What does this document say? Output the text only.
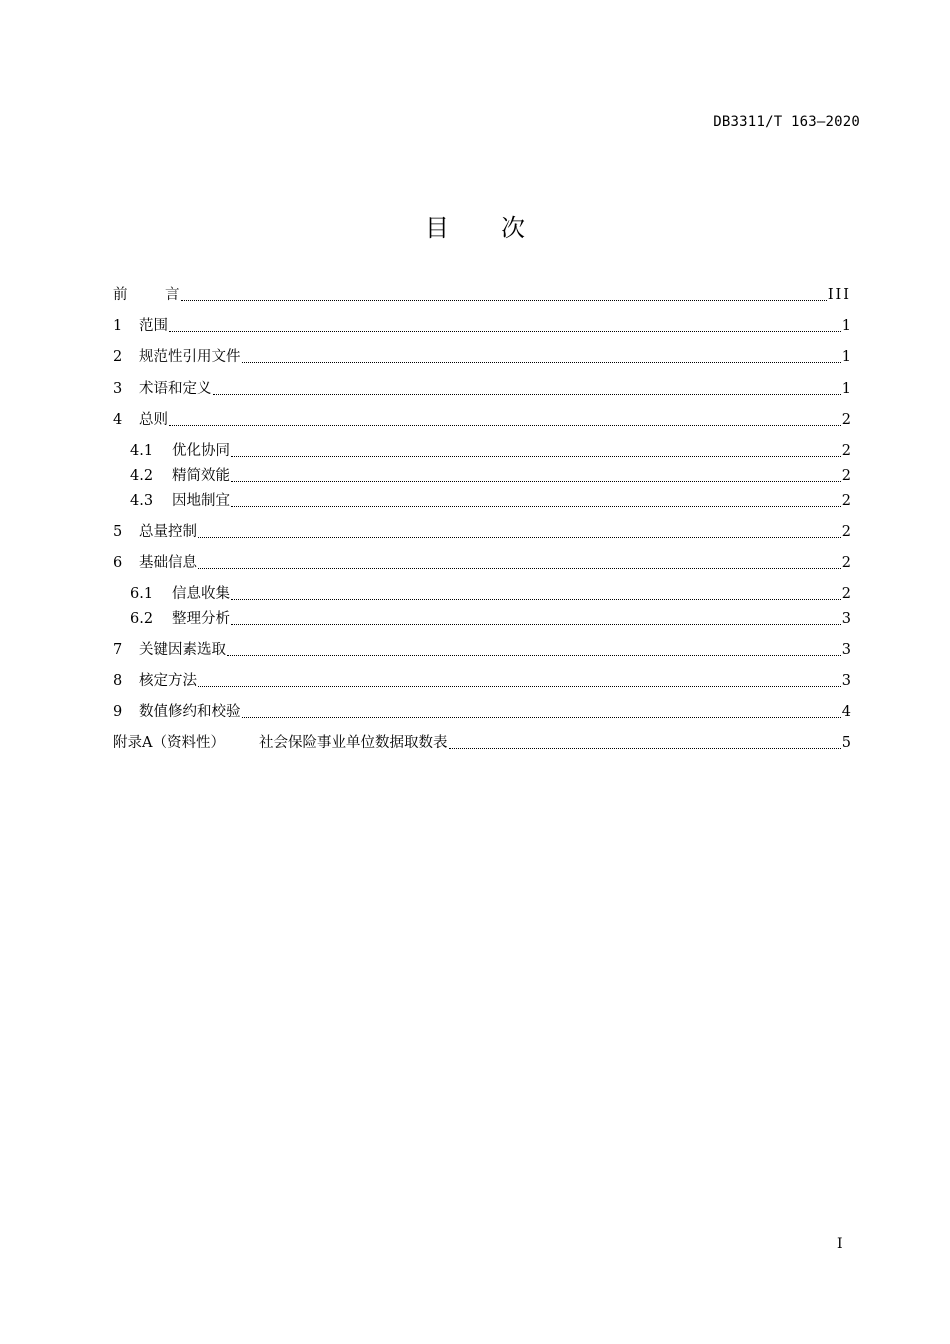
DB3311/T 163—2020
目 次
前	言	III
1 范围	1
2 规范性引用文件	1
3 术语和定义	1
4 总则	2
4.1 优化协同	2
4.2 精简效能	2
4.3 因地制宜	2
5 总量控制	2
6 基础信息	2
6.1 信息收集	2
6.2 整理分析	3
7 关键因素选取	3
8 核定方法	3
9 数值修约和校验	4
附录A（资料性） 社会保险事业单位数据取数表	5
I
